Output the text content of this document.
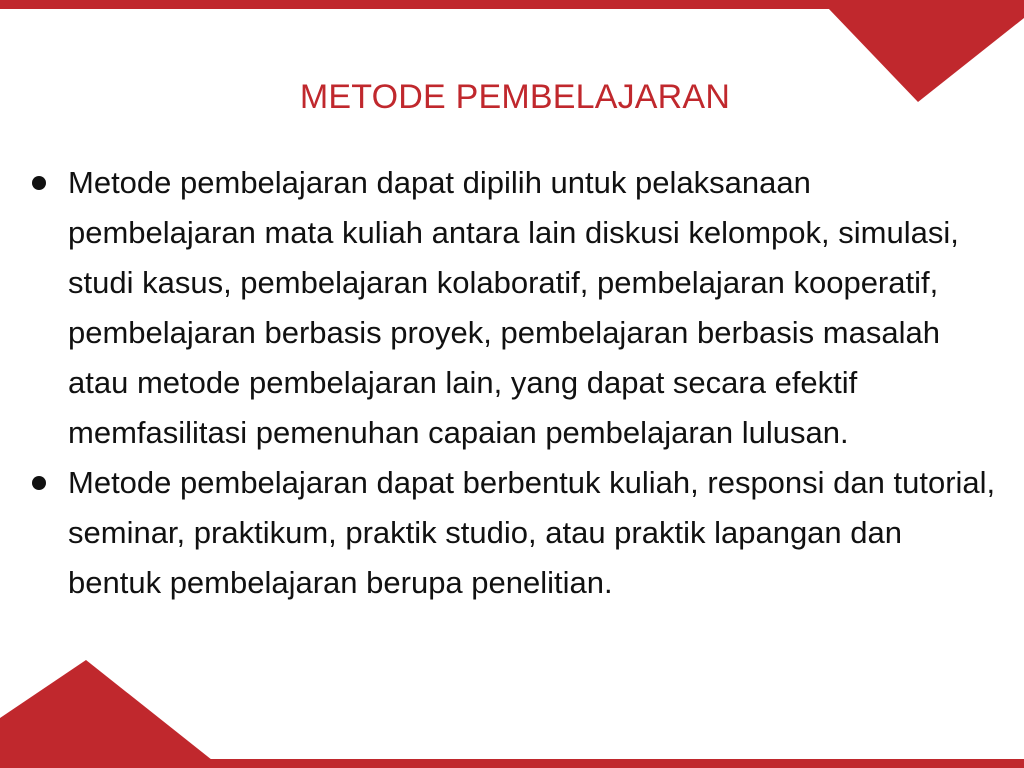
METODE PEMBELAJARAN
Metode pembelajaran dapat dipilih untuk pelaksanaan pembelajaran mata kuliah antara lain diskusi kelompok, simulasi, studi kasus, pembelajaran kolaboratif, pembelajaran kooperatif, pembelajaran berbasis proyek, pembelajaran berbasis masalah atau metode pembelajaran lain, yang dapat secara efektif memfasilitasi pemenuhan capaian pembelajaran lulusan.
Metode pembelajaran dapat berbentuk kuliah, responsi dan tutorial, seminar, praktikum, praktik studio, atau praktik lapangan dan bentuk pembelajaran berupa penelitian.
